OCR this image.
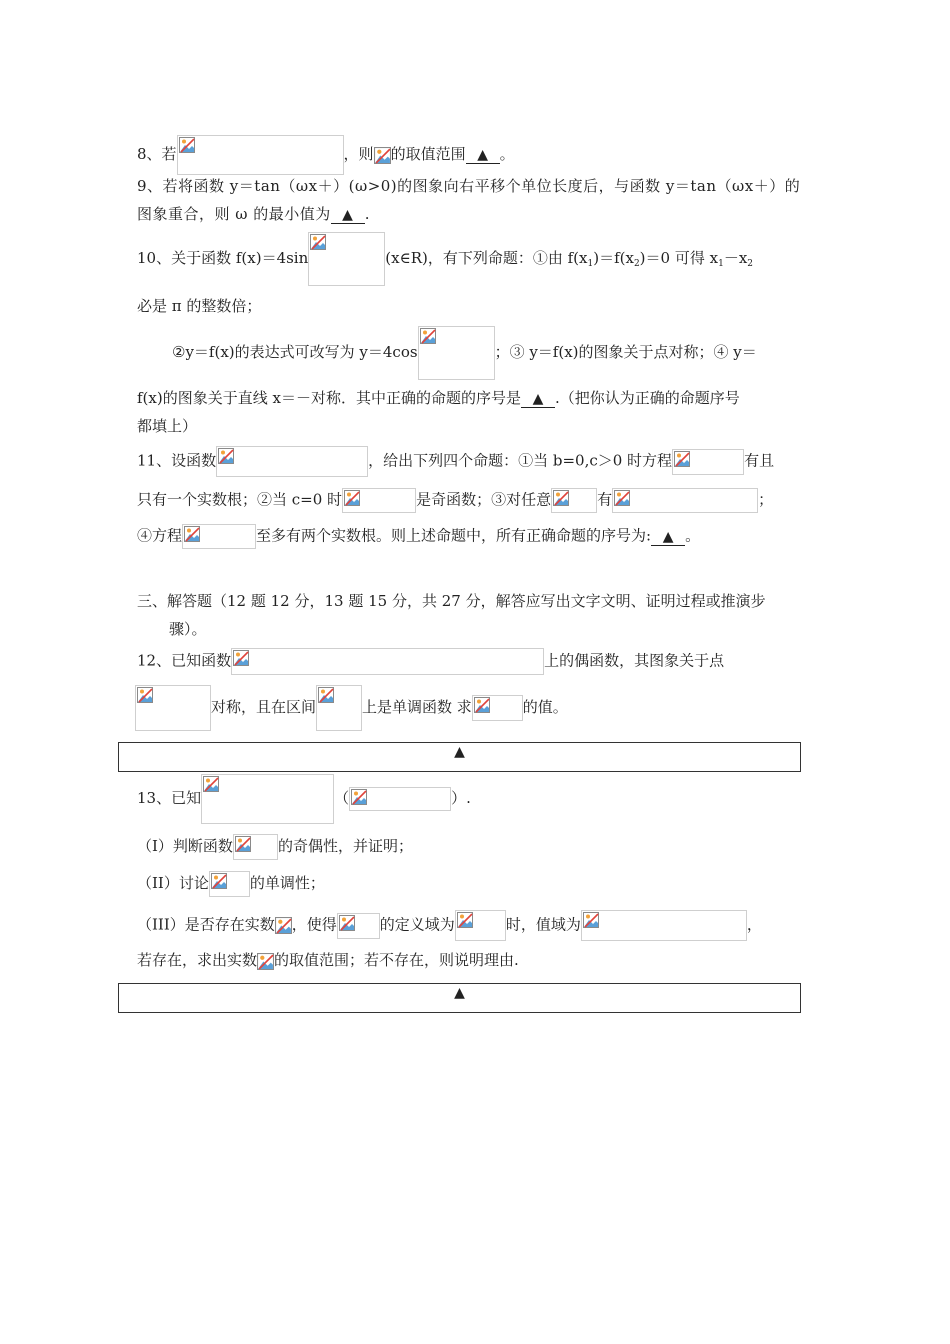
8、若	，则 的取值范围 ▲ 。
9、若将函数 y＝tan（ωx＋）(ω>0)的图象向右平移个单位长度后，与函数 y＝tan（ωx＋）的
图象重合，则 ω 的最小值为 ▲ .
10、关于函数 f(x)＝4sin	(x∈R)，有下列命题：①由 $f(x_1)=f(x_2)=0$ 可得 $x_1-x_2$
必是 π 的整数倍；
②y＝f(x)的表达式可改写为 y＝4cos	；③ y＝f(x)的图象关于点对称；④ y＝
f(x)的图象关于直线 x＝－对称．其中正确的命题的序号是 ▲ .（把你认为正确的命题序号
都填上）
11、设函数	，给出下列四个命题：①当 b=0,c＞0 时方程	有且
只有一个实数根；②当 c=0 时	是奇函数；③对任意	有	；
④方程	至多有两个实数根。则上述命题中，所有正确命题的序号为: ▲ 。
三、解答题（12 题 12 分，13 题 15 分，共 27 分，解答应写出文字文明、证明过程或推演步
骤）。
12、已知函数	上的偶函数，其图象关于点
对称，且在区间	上是单调函数 求	的值。
▲
13、已知	（	）.
（I）判断函数	的奇偶性，并证明；
（II）讨论	的单调性；
（III）是否存在实数 ，使得	的定义域为	时，值域为	，
若存在，求出实数 的取值范围；若不存在，则说明理由.
▲
